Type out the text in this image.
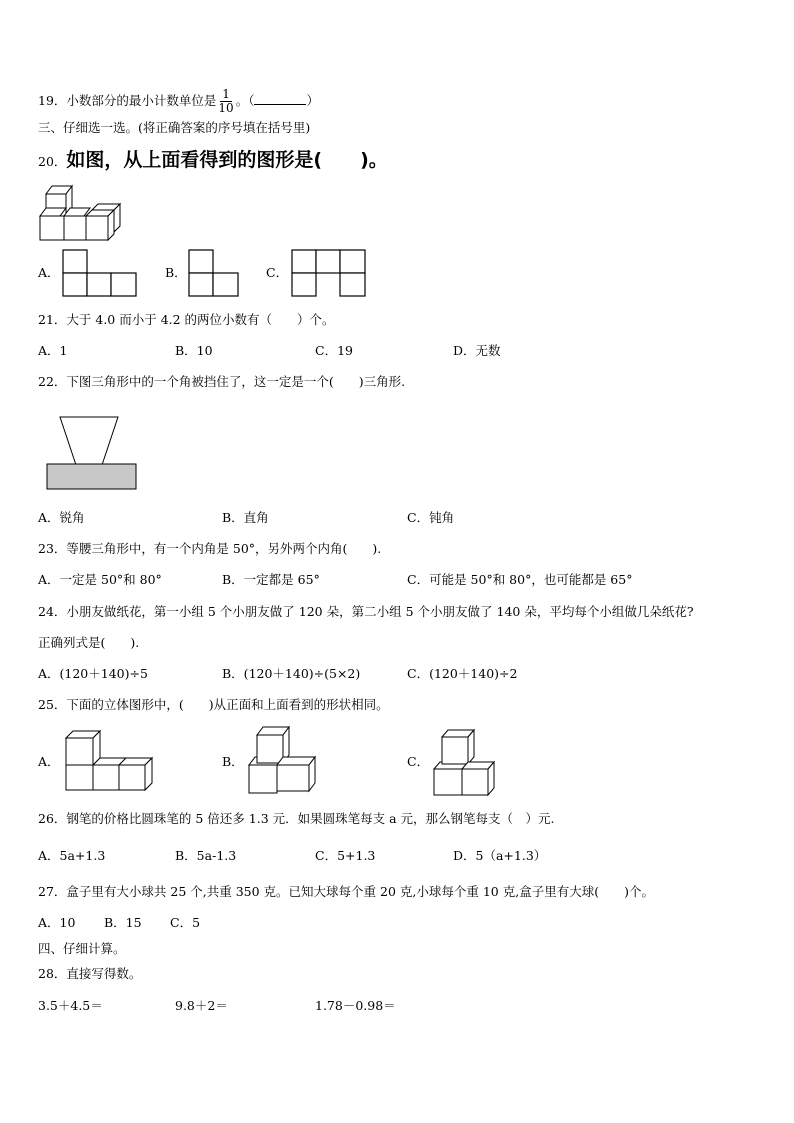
19．小数部分的最小计数单位是 $\frac{1}{10}$ 。（	）
三、仔细选一选。(将正确答案的序号填在括号里)
20．如图，从上面看得到的图形是(　　)。
A．	B．	C．
21．大于 4.0 而小于 4.2 的两位小数有（　　）个。
A．1	B．10	C．19	D．无数
22．下图三角形中的一个角被挡住了，这一定是一个(　　)三角形.
A．锐角	B．直角	C．钝角
23．等腰三角形中，有一个内角是 50°，另外两个内角(　　).
A．一定是 50°和 80°	B．一定都是 65°	C．可能是 50°和 80°，也可能都是 65°
24．小朋友做纸花，第一小组 5 个小朋友做了 120 朵，第二小组 5 个小朋友做了 140 朵，平均每个小组做几朵纸花?
正确列式是(　　).
A．(120＋140)÷5	B．(120＋140)÷(5×2)	C．(120＋140)÷2
25．下面的立体图形中，(　　)从正面和上面看到的形状相同。
A．	B．	C．
26．钢笔的价格比圆珠笔的 5 倍还多 1.3 元．如果圆珠笔每支 a 元，那么钢笔每支（　）元.
A．5a+1.3	B．5a-1.3	C．5+1.3	D．5（a+1.3）
27．盒子里有大小球共 25 个,共重 350 克。已知大球每个重 20 克,小球每个重 10 克,盒子里有大球(　　)个。
A．10 B．15 C．5
四、仔细计算。
28．直接写得数。
3.5＋4.5＝	9.8＋2＝	1.78－0.98＝
